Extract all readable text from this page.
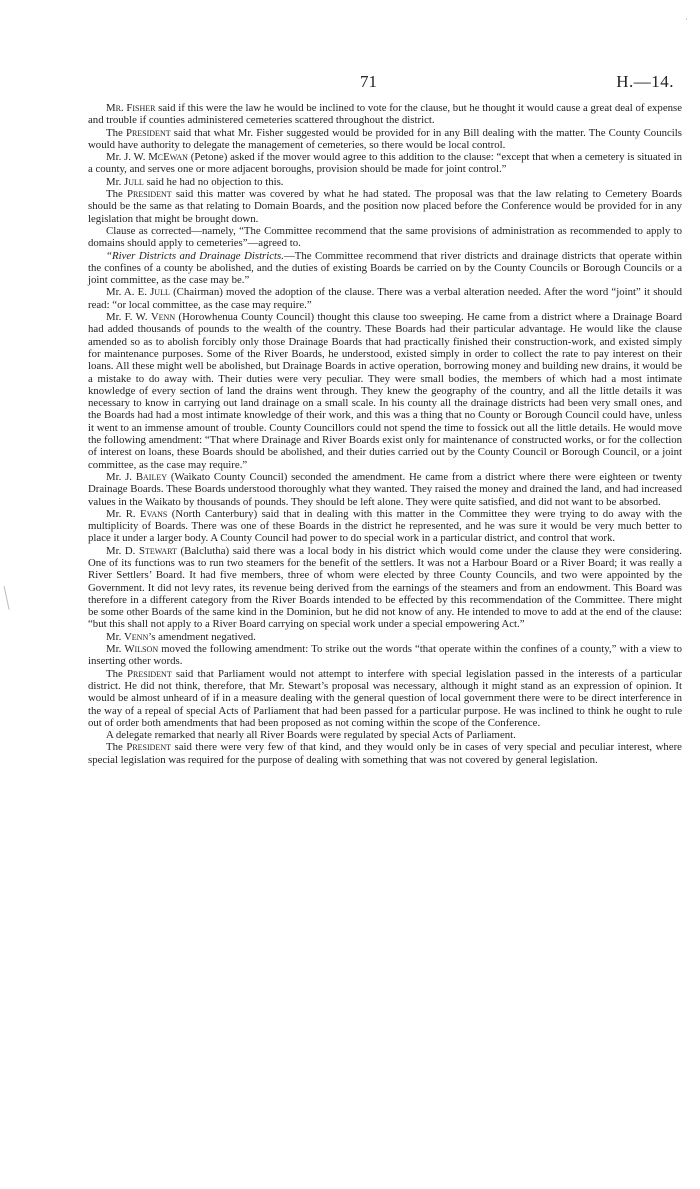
·
71	H.—14.

Mr. Fisher said if this were the law he would be inclined to vote for the clause, but he thought it would cause a great deal of expense and trouble if counties administered cemeteries scattered throughout the district.

The President said that what Mr. Fisher suggested would be provided for in any Bill dealing with the matter. The County Councils would have authority to delegate the management of cemeteries, so there would be local control.

Mr. J. W. McEwan (Petone) asked if the mover would agree to this addition to the clause: “except that when a cemetery is situated in a county, and serves one or more adjacent boroughs, provision should be made for joint control.”

Mr. Jull said he had no objection to this.

The President said this matter was covered by what he had stated. The proposal was that the law relating to Cemetery Boards should be the same as that relating to Domain Boards, and the position now placed before the Conference would be provided for in any legislation that might be brought down.

Clause as corrected—namely, “The Committee recommend that the same provisions of administration as recommended to apply to domains should apply to cemeteries”—agreed to.

“River Districts and Drainage Districts.—The Committee recommend that river districts and drainage districts that operate within the confines of a county be abolished, and the duties of existing Boards be carried on by the County Councils or Borough Councils or a joint committee, as the case may be.”

Mr. A. E. Jull (Chairman) moved the adoption of the clause. There was a verbal alteration needed. After the word “joint” it should read: “or local committee, as the case may require.”

Mr. F. W. Venn (Horowhenua County Council) thought this clause too sweeping. He came from a district where a Drainage Board had added thousands of pounds to the wealth of the country. These Boards had their particular advantage. He would like the clause amended so as to abolish forcibly only those Drainage Boards that had practically finished their construction-work, and existed simply for maintenance purposes. Some of the River Boards, he understood, existed simply in order to collect the rate to pay interest on their loans. All these might well be abolished, but Drainage Boards in active operation, borrowing money and building new drains, it would be a mistake to do away with. Their duties were very peculiar. They were small bodies, the members of which had a most intimate knowledge of every section of land the drains went through. They knew the geography of the country, and all the little details it was necessary to know in carrying out land drainage on a small scale. In his county all the drainage districts had been very small ones, and the Boards had had a most intimate knowledge of their work, and this was a thing that no County or Borough Council could have, unless it went to an immense amount of trouble. County Councillors could not spend the time to fossick out all the little details. He would move the following amendment: “That where Drainage and River Boards exist only for maintenance of constructed works, or for the collection of interest on loans, these Boards should be abolished, and their duties carried out by the County Council or Borough Council, or a joint committee, as the case may require.”

Mr. J. Bailey (Waikato County Council) seconded the amendment. He came from a district where there were eighteen or twenty Drainage Boards. These Boards understood thoroughly what they wanted. They raised the money and drained the land, and had increased values in the Waikato by thousands of pounds. They should be left alone. They were quite satisfied, and did not want to be absorbed.

Mr. R. Evans (North Canterbury) said that in dealing with this matter in the Committee they were trying to do away with the multiplicity of Boards. There was one of these Boards in the district he represented, and he was sure it would be very much better to place it under a larger body. A County Council had power to do special work in a particular district, and control that work.

Mr. D. Stewart (Balclutha) said there was a local body in his district which would come under the clause they were considering. One of its functions was to run two steamers for the benefit of the settlers. It was not a Harbour Board or a River Board; it was really a River Settlers’ Board. It had five members, three of whom were elected by three County Councils, and two were appointed by the Government. It did not levy rates, its revenue being derived from the earnings of the steamers and from an endowment. This Board was therefore in a different category from the River Boards intended to be effected by this recommendation of the Committee. There might be some other Boards of the same kind in the Dominion, but he did not know of any. He intended to move to add at the end of the clause: “but this shall not apply to a River Board carrying on special work under a special empowering Act.”

Mr. Venn’s amendment negatived.

Mr. Wilson moved the following amendment: To strike out the words “that operate within the confines of a county,” with a view to inserting other words.

The President said that Parliament would not attempt to interfere with special legislation passed in the interests of a particular district. He did not think, therefore, that Mr. Stewart’s proposal was necessary, although it might stand as an expression of opinion. It would be almost unheard of if in a measure dealing with the general question of local government there were to be direct interference in the way of a repeal of special Acts of Parliament that had been passed for a particular purpose. He was inclined to think he ought to rule out of order both amendments that had been proposed as not coming within the scope of the Conference.

A delegate remarked that nearly all River Boards were regulated by special Acts of Parliament.

The President said there were very few of that kind, and they would only be in cases of very special and peculiar interest, where special legislation was required for the purpose of dealing with something that was not covered by general legislation.
